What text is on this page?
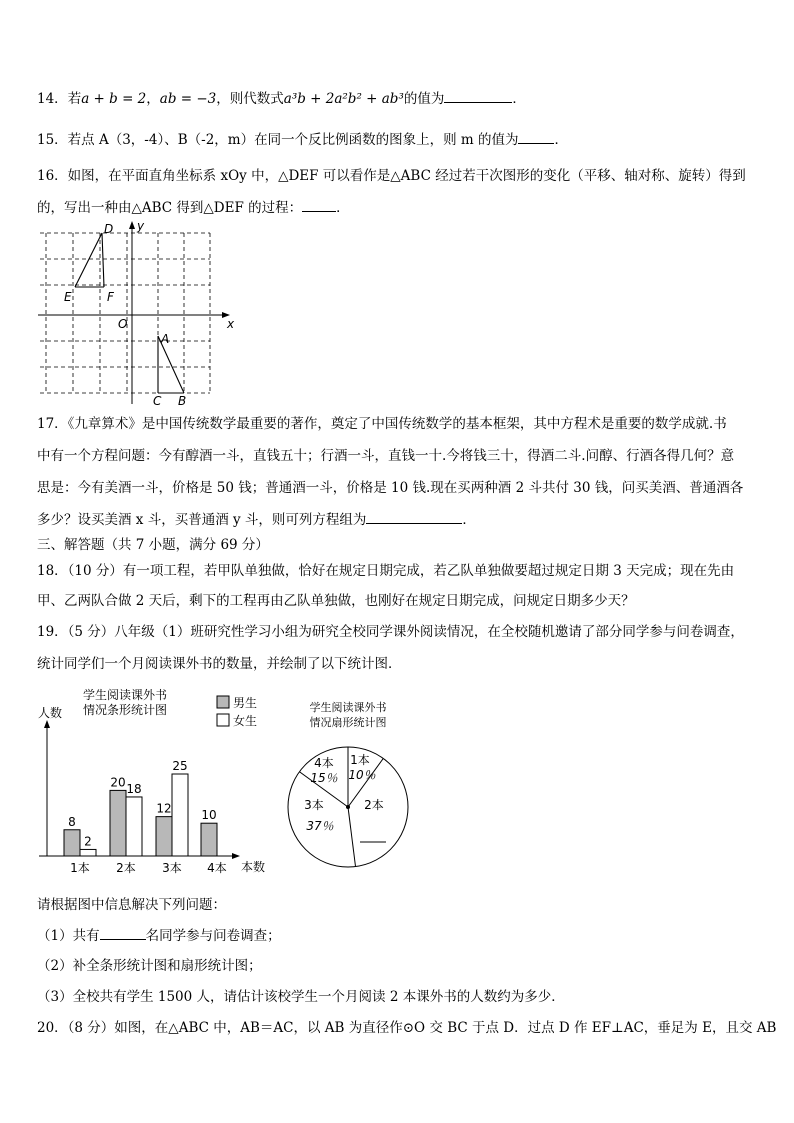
14．若a + b = 2，ab = −3，则代数式a³b + 2a²b² + ab³的值为	．
15．若点 A（3，-4）、B（-2，m）在同一个反比例函数的图象上，则 m 的值为	．
16．如图，在平面直角坐标系 xOy 中，△DEF 可以看作是△ABC 经过若干次图形的变化（平移、轴对称、旋转）得到
的，写出一种由△ABC 得到△DEF 的过程：	．
D y
E	F
O	x
A
C B
17．《九章算术》是中国传统数学最重要的著作，奠定了中国传统数学的基本框架，其中方程术是重要的数学成就.书
中有一个方程问题：今有醇酒一斗，直钱五十；行酒一斗，直钱一十.今将钱三十，得酒二斗.问醇、行酒各得几何？意
思是：今有美酒一斗，价格是 50 钱；普通酒一斗，价格是 10 钱.现在买两种酒 2 斗共付 30 钱，问买美酒、普通酒各
多少？设买美酒 x 斗，买普通酒 y 斗，则可列方程组为	．
三、解答题（共 7 小题，满分 69 分）
18．（10 分）有一项工程，若甲队单独做，恰好在规定日期完成，若乙队单独做要超过规定日期 3 天完成；现在先由
甲、乙两队合做 2 天后，剩下的工程再由乙队单独做，也刚好在规定日期完成，问规定日期多少天？
19．（5 分）八年级（1）班研究性学习小组为研究全校同学课外阅读情况，在全校随机邀请了部分同学参与问卷调查，
统计同学们一个月阅读课外书的数量，并绘制了以下统计图．
学生阅读课外书
情况条形统计图
人数
本数
男生
女生
8
2
1本
20 18
2本
12
25
3本
10
4本
学生阅读课外书
情况扇形统计图
1本
10％
2本
3本
37％
4本
15％
请根据图中信息解决下列问题：
（1）共有	名同学参与问卷调查；
（2）补全条形统计图和扇形统计图；
（3）全校共有学生 1500 人，请估计该校学生一个月阅读 2 本课外书的人数约为多少．
20．（8 分）如图，在△ABC 中，AB＝AC，以 AB 为直径作⊙O 交 BC 于点 D．过点 D 作 EF⊥AC，垂足为 E，且交 AB
